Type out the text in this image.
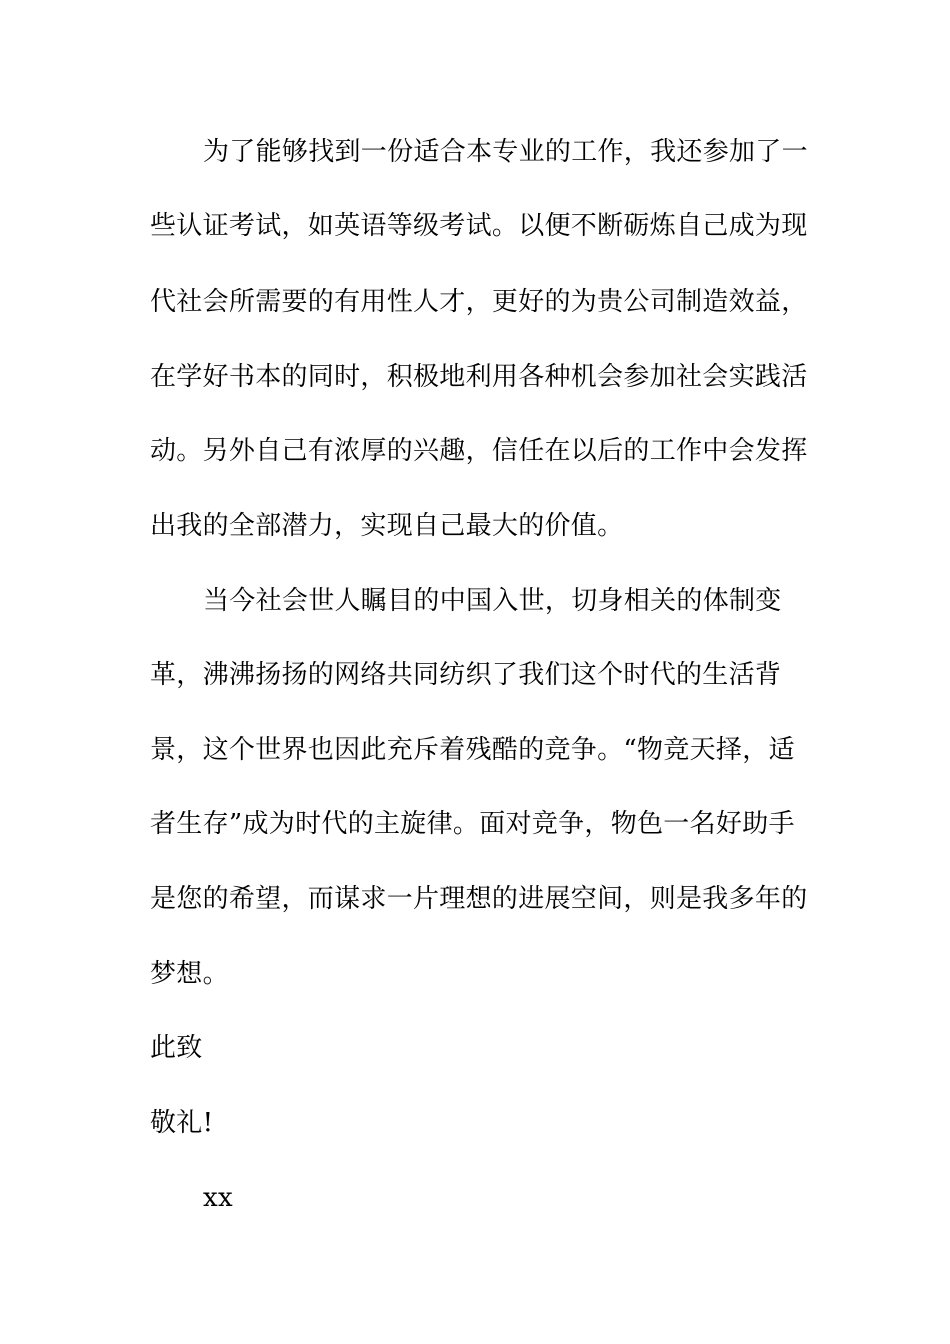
为了能够找到一份适合本专业的工作，我还参加了一
些认证考试，如英语等级考试。以便不断砺炼自己成为现
代社会所需要的有用性人才，更好的为贵公司制造效益，
在学好书本的同时，积极地利用各种机会参加社会实践活
动。另外自己有浓厚的兴趣，信任在以后的工作中会发挥
出我的全部潜力，实现自己最大的价值。
当今社会世人瞩目的中国入世，切身相关的体制变
革，沸沸扬扬的网络共同纺织了我们这个时代的生活背
景，这个世界也因此充斥着残酷的竞争。“物竞天择，适
者生存”成为时代的主旋律。面对竞争，物色一名好助手
是您的希望，而谋求一片理想的进展空间，则是我多年的
梦想。
此致
敬礼!
xx
